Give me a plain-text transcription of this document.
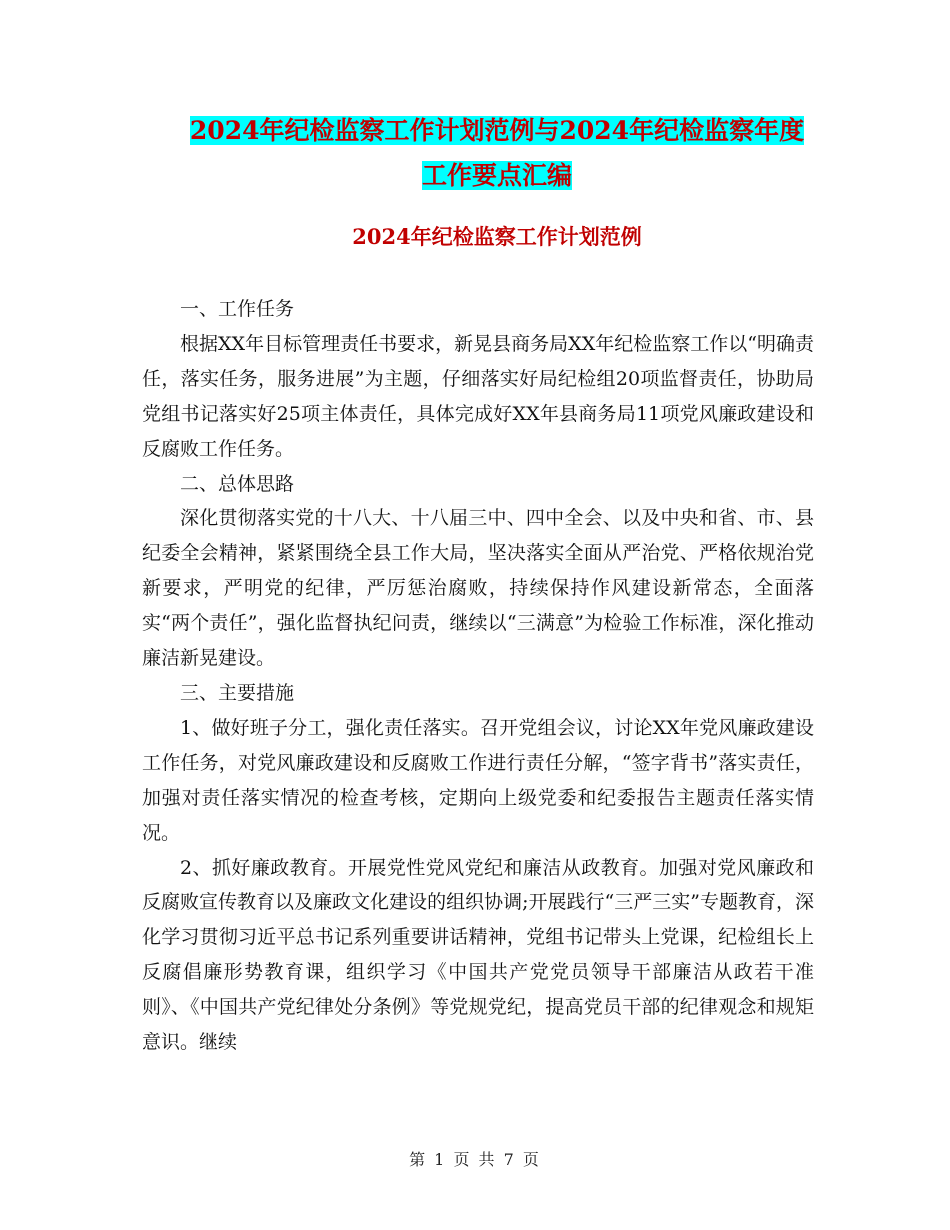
2024年纪检监察工作计划范例与2024年纪检监察年度
工作要点汇编
2024年纪检监察工作计划范例

一、工作任务

根据XX年目标管理责任书要求，新晃县商务局XX年纪检监察工作以“明确责任，落实任务，服务进展”为主题，仔细落实好局纪检组20项监督责任，协助局党组书记落实好25项主体责任，具体完成好XX年县商务局11项党风廉政建设和反腐败工作任务。

二、总体思路

深化贯彻落实党的十八大、十八届三中、四中全会、以及中央和省、市、县纪委全会精神，紧紧围绕全县工作大局，坚决落实全面从严治党、严格依规治党新要求，严明党的纪律，严厉惩治腐败，持续保持作风建设新常态，全面落实“两个责任”，强化监督执纪问责，继续以“三满意”为检验工作标准，深化推动廉洁新晃建设。

三、主要措施

1、做好班子分工，强化责任落实。召开党组会议，讨论XX年党风廉政建设工作任务，对党风廉政建设和反腐败工作进行责任分解，“签字背书”落实责任，加强对责任落实情况的检查考核，定期向上级党委和纪委报告主题责任落实情况。

2、抓好廉政教育。开展党性党风党纪和廉洁从政教育。加强对党风廉政和反腐败宣传教育以及廉政文化建设的组织协调;开展践行“三严三实”专题教育，深化学习贯彻习近平总书记系列重要讲话精神，党组书记带头上党课，纪检组长上反腐倡廉形势教育课，组织学习《中国共产党党员领导干部廉洁从政若干准则》、《中国共产党纪律处分条例》等党规党纪，提高党员干部的纪律观念和规矩意识。继续

第 1 页 共 7 页
